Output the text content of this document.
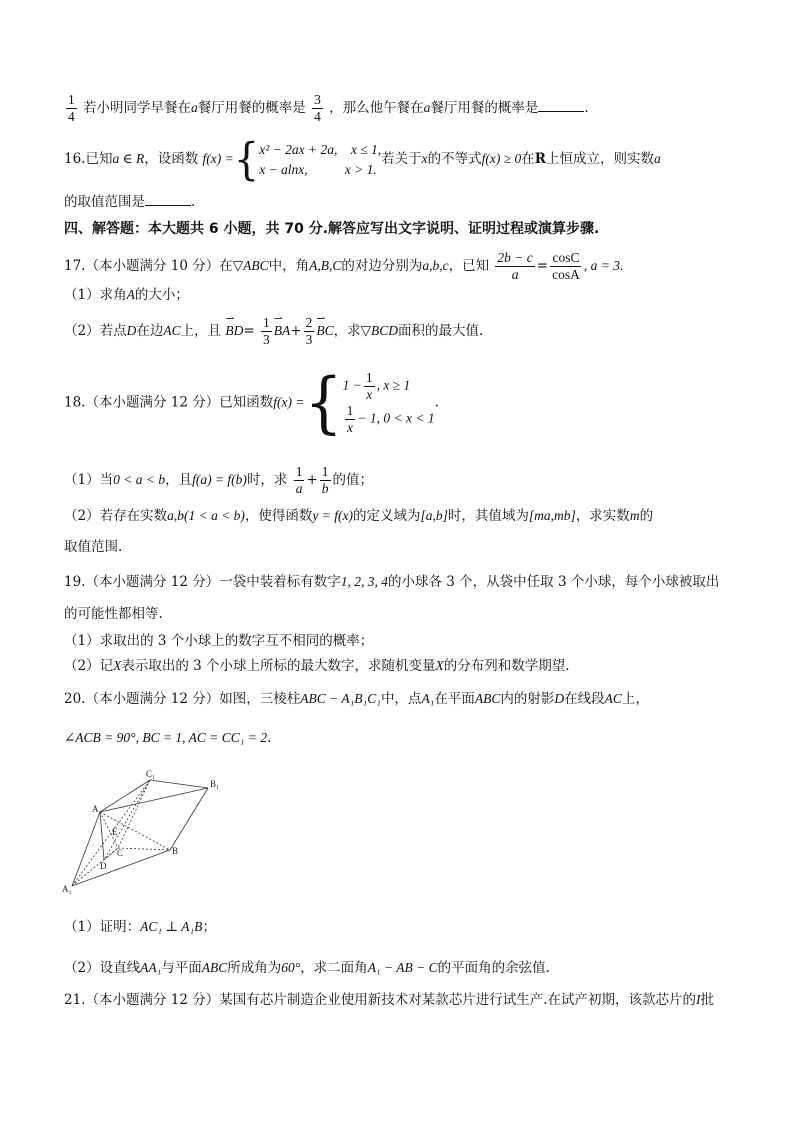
$\frac{1}{4}$ 若小明同学早餐在a餐厅用餐的概率是 $\frac{3}{4}$ ，那么他午餐在a餐厅用餐的概率是	.
16.已知a ∈ R，设函数 f(x) ={ x² − 2ax + 2a, x ≤ 1,
x − alnx,	x > 1.
若关于x的不等式f(x) ≥ 0在R上恒成立，则实数a
的取值范围是	.
四、解答题：本大题共 6 小题，共 70 分.解答应写出文字说明、证明过程或演算步骤.
17.（本小题满分 10 分）在▽ABC中，角A,B,C的对边分别为a,b,c，已知 $\frac{2b - c}{a} = \frac{\cos C}{\cos A}$ , a = 3.
（1）求角A的大小；
（2）若点D在边AC上，且 ⇀ $BD= \frac{1}{3}$ ⇀ $BA+ \frac{2}{3}$ ⇀ BC，求▽BCD面积的最大值.
18.（本小题满分 12 分）已知函数f(x) ={ $1 - \frac{1}{x}$ , x ≥ 1
$\frac{1}{x} - 1$, 0 < x < 1
.
（1）当0 < a < b，且f(a) = f(b)时，求 $\frac{1}{a} + \frac{1}{b}$ 的值；
（2）若存在实数a,b(1 < a < b)，使得函数y = f(x)的定义域为[a,b]时，其值域为[ma,mb]，求实数m的
取值范围.
19.（本小题满分 12 分）一袋中装着标有数字1, 2, 3, 4的小球各 3 个，从袋中任取 3 个小球，每个小球被取出
的可能性都相等.
（1）求取出的 3 个小球上的数字互不相同的概率；
（2）记X表示取出的 3 个小球上所标的最大数字，求随机变量X的分布列和数学期望.
20.（本小题满分 12 分）如图，三棱柱ABC − A₁B₁C₁中，点A₁在平面ABC内的射影D在线段AC上，
∠ACB = 90°, BC = 1, AC = CC₁ = 2.
C₁
B₁
A
E
C	B
D
A₁
（1）证明：AC₁ ⊥ A₁B；
（2）设直线AA₁与平面ABC所成角为60°，求二面角A₁ − AB − C的平面角的余弦值.
21.（本小题满分 12 分）某国有芯片制造企业使用新技术对某款芯片进行试生产.在试产初期，该款芯片的I批
